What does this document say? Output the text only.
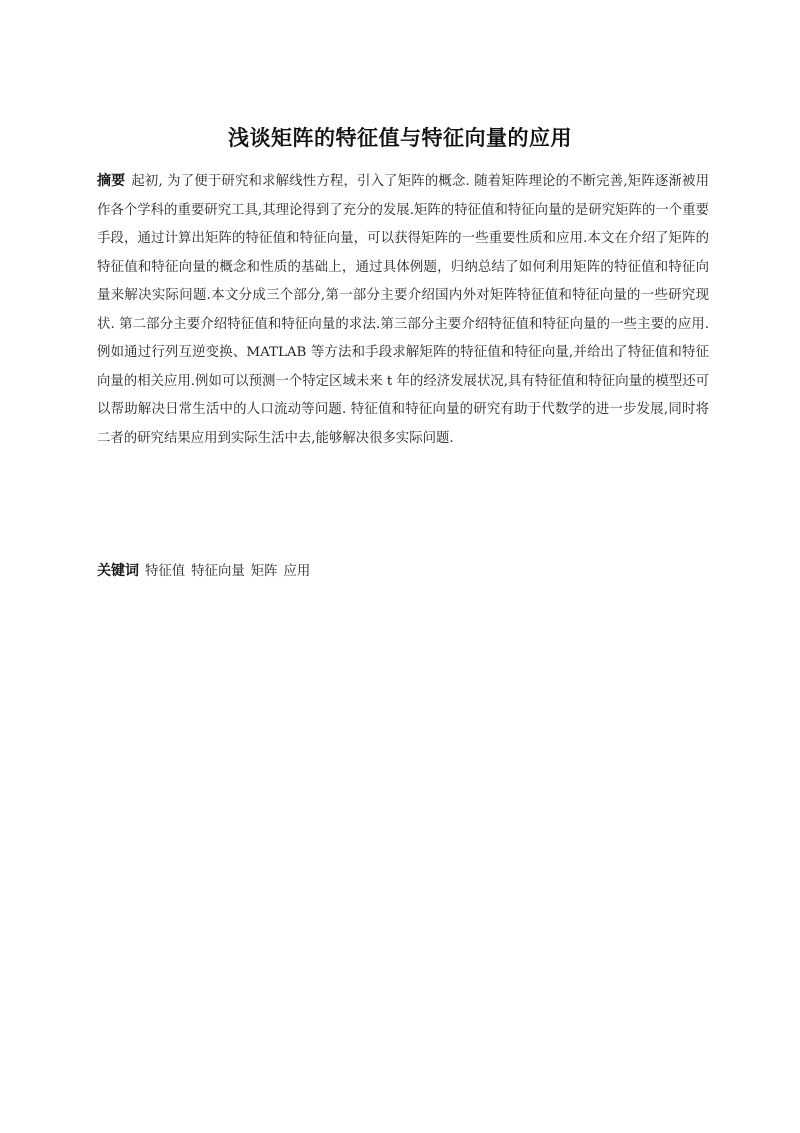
浅谈矩阵的特征值与特征向量的应用

摘要 起初, 为了便于研究和求解线性方程，引入了矩阵的概念. 随着矩阵理论的不断完善,矩阵逐渐被用作各个学科的重要研究工具,其理论得到了充分的发展.矩阵的特征值和特征向量的是研究矩阵的一个重要手段，通过计算出矩阵的特征值和特征向量，可以获得矩阵的一些重要性质和应用.本文在介绍了矩阵的特征值和特征向量的概念和性质的基础上，通过具体例题，归纳总结了如何利用矩阵的特征值和特征向量来解决实际问题.本文分成三个部分,第一部分主要介绍国内外对矩阵特征值和特征向量的一些研究现状. 第二部分主要介绍特征值和特征向量的求法.第三部分主要介绍特征值和特征向量的一些主要的应用.例如通过行列互逆变换、MATLAB 等方法和手段求解矩阵的特征值和特征向量,并给出了特征值和特征向量的相关应用.例如可以预测一个特定区域未来 t 年的经济发展状况,具有特征值和特征向量的模型还可以帮助解决日常生活中的人口流动等问题. 特征值和特征向量的研究有助于代数学的进一步发展,同时将二者的研究结果应用到实际生活中去,能够解决很多实际问题.

关键词 特征值 特征向量 矩阵 应用
